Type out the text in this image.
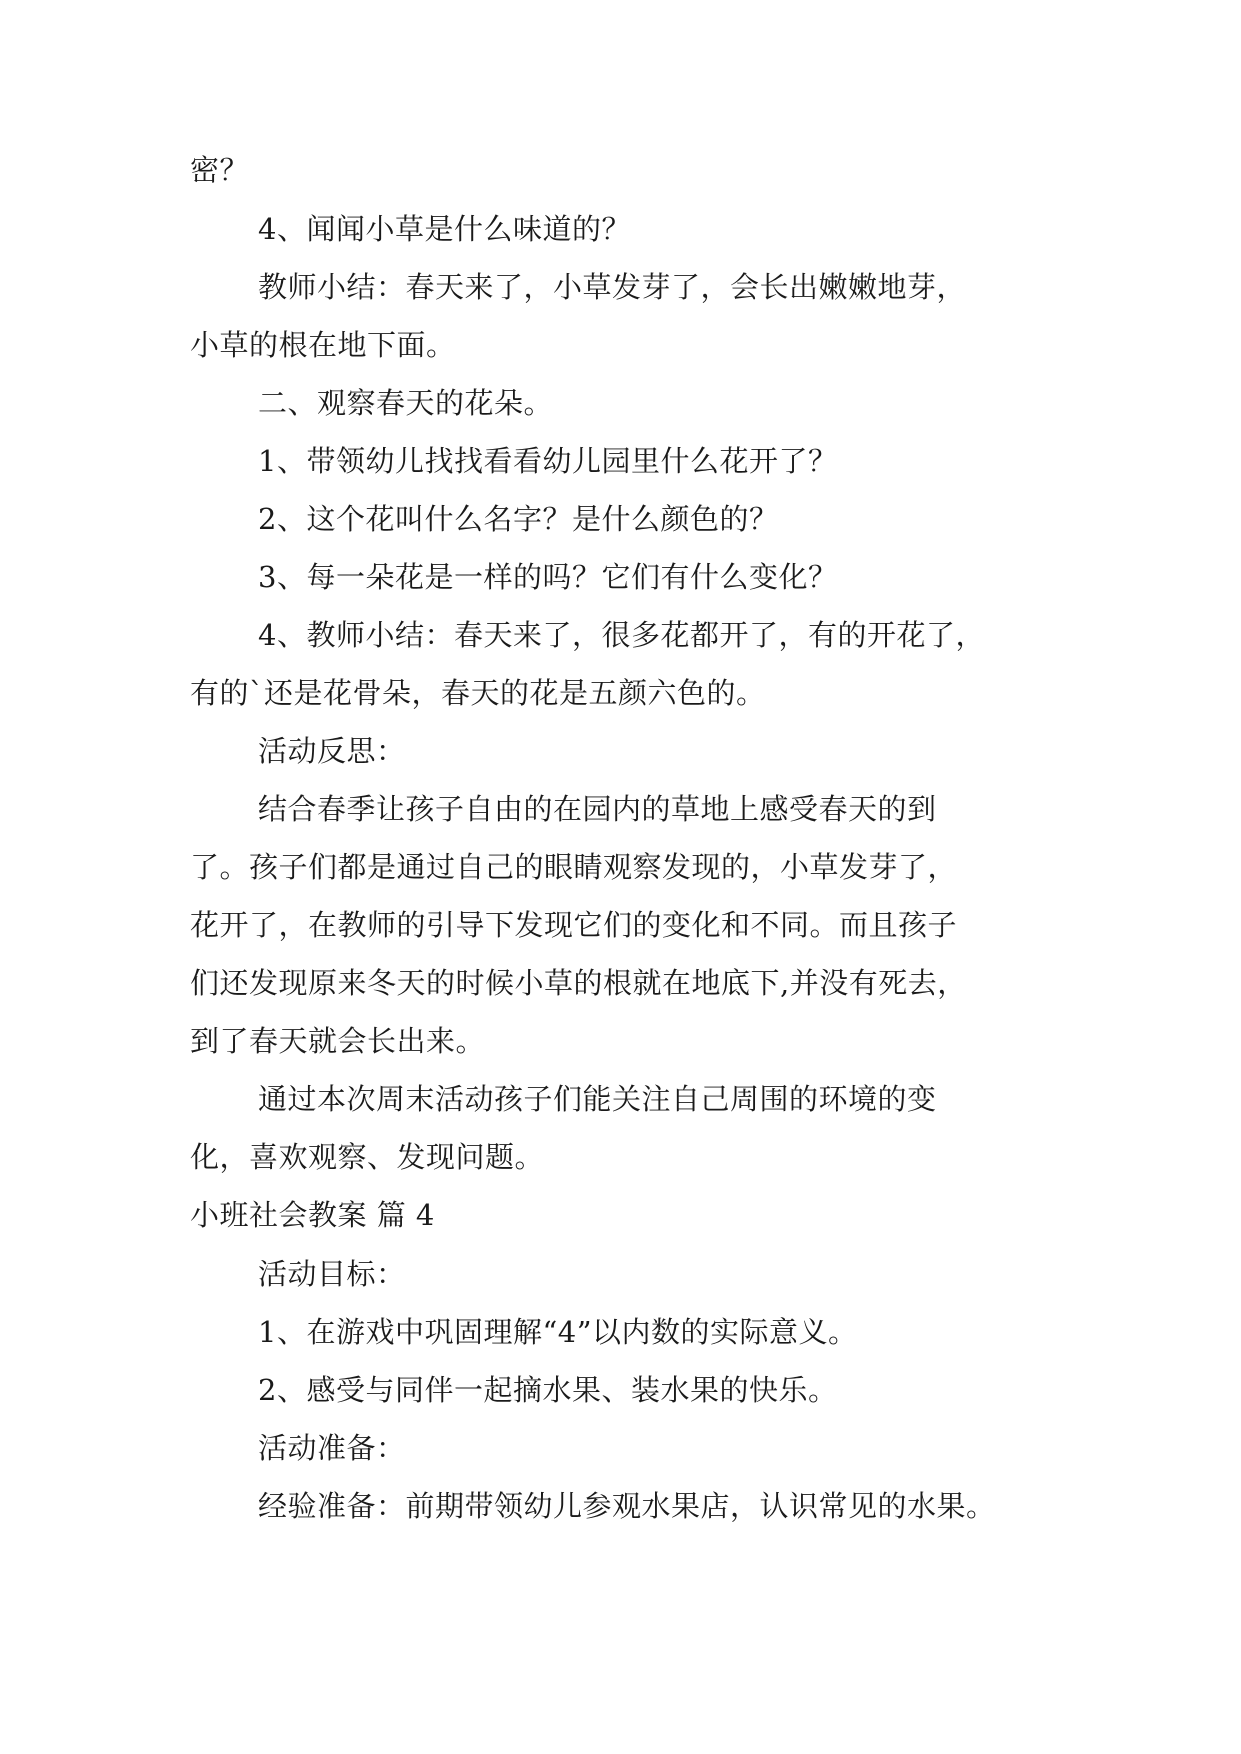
密？
4、闻闻小草是什么味道的？
教师小结：春天来了，小草发芽了，会长出嫩嫩地芽，
小草的根在地下面。
二、观察春天的花朵。
1、带领幼儿找找看看幼儿园里什么花开了？
2、这个花叫什么名字？是什么颜色的？
3、每一朵花是一样的吗？它们有什么变化？
4、教师小结：春天来了，很多花都开了，有的开花了，
有的`还是花骨朵，春天的花是五颜六色的。
活动反思：
结合春季让孩子自由的在园内的草地上感受春天的到
了。孩子们都是通过自己的眼睛观察发现的，小草发芽了，
花开了，在教师的引导下发现它们的变化和不同。而且孩子
们还发现原来冬天的时候小草的根就在地底下,并没有死去，
到了春天就会长出来。
通过本次周末活动孩子们能关注自己周围的环境的变
化，喜欢观察、发现问题。
小班社会教案 篇 4
活动目标：
1、在游戏中巩固理解“4”以内数的实际意义。
2、感受与同伴一起摘水果、装水果的快乐。
活动准备：
经验准备：前期带领幼儿参观水果店，认识常见的水果。
